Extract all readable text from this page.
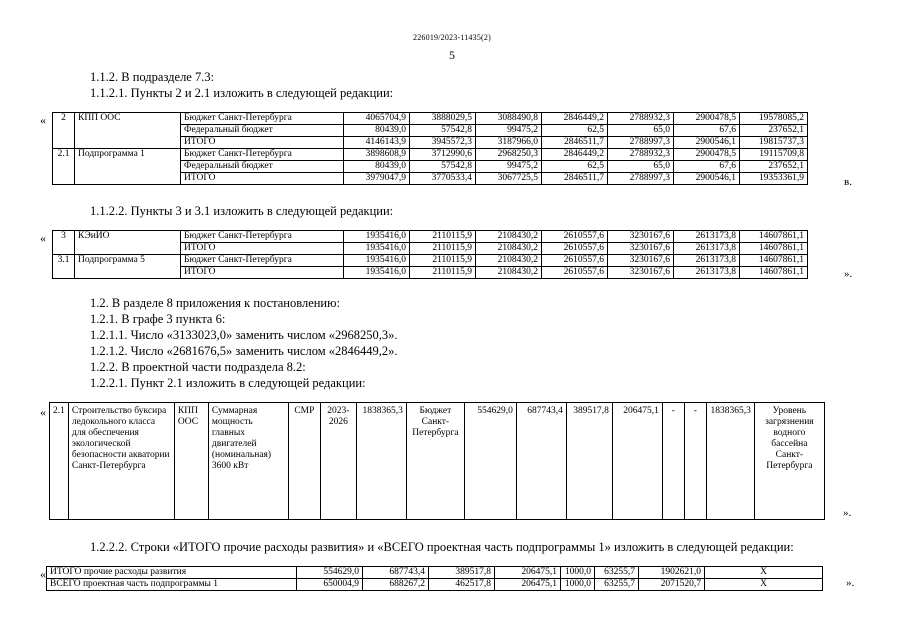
226019/2023-11435(2)
5
1.1.2. В подразделе 7.3:
1.1.2.1. Пункты 2 и 2.1 изложить в следующей редакции:
« 2	КПП ООС	Бюджет Санкт-Петербурга	4065704,9	3888029,5	3088490,8	2846449,2	2788932,3	2900478,5	19578085,2
		Федеральный бюджет	80439,0	57542,8	99475,2	62,5	65,0	67,6	237652,1
		ИТОГО	4146143,9	3945572,3	3187966,0	2846511,7	2788997,3	2900546,1	19815737,3
2.1	Подпрограмма 1	Бюджет Санкт-Петербурга	3898608,9	3712990,6	2968250,3	2846449,2	2788932,3	2900478,5	19115709,8
		Федеральный бюджет	80439,0	57542,8	99475,2	62,5	65,0	67,6	237652,1
		ИТОГО	3979047,9	3770533,4	3067725,5	2846511,7	2788997,3	2900546,1	19353361,9	в.
1.1.2.2. Пункты 3 и 3.1 изложить в следующей редакции:
« 3	КЭиИО	Бюджет Санкт-Петербурга	1935416,0	2110115,9	2108430,2	2610557,6	3230167,6	2613173,8	14607861,1
		ИТОГО	1935416,0	2110115,9	2108430,2	2610557,6	3230167,6	2613173,8	14607861,1
3.1	Подпрограмма 5	Бюджет Санкт-Петербурга	1935416,0	2110115,9	2108430,2	2610557,6	3230167,6	2613173,8	14607861,1
		ИТОГО	1935416,0	2110115,9	2108430,2	2610557,6	3230167,6	2613173,8	14607861,1	».
1.2. В разделе 8 приложения к постановлению:
1.2.1. В графе 3 пункта 6:
1.2.1.1. Число «3133023,0» заменить числом «2968250,3».
1.2.1.2. Число «2681676,5» заменить числом «2846449,2».
1.2.2. В проектной части подраздела 8.2:
1.2.2.1. Пункт 2.1 изложить в следующей редакции:
« 2.1	Строительство буксира ледокольного класса для обеспечения экологической безопасности акватории Санкт-Петербурга	КПП ООС	Суммарная мощность главных двигателей (номинальная) 3600 кВт	СМР	2023-2026	1838365,3	Бюджет Санкт-Петербурга	554629,0	687743,4	389517,8	206475,1	-	-	1838365,3	Уровень загрязнения водного бассейна Санкт-Петербурга
».
1.2.2.2. Строки «ИТОГО прочие расходы развития» и «ВСЕГО проектная часть подпрограммы 1» изложить в следующей редакции:
« ИТОГО прочие расходы развития	554629,0	687743,4	389517,8	206475,1	1000,0	63255,7	1902621,0	Х
ВСЕГО проектная часть подпрограммы 1	650004,9	688267,2	462517,8	206475,1	1000,0	63255,7	2071520,7	Х	».
